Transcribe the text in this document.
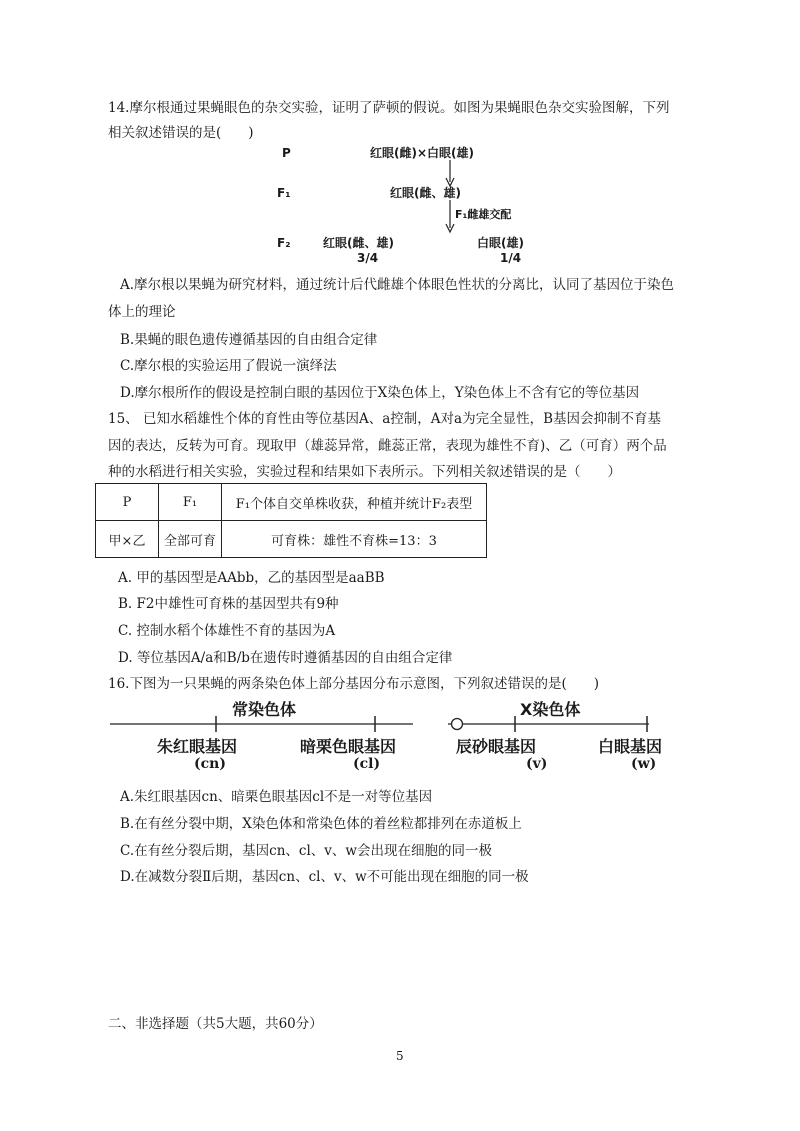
14.摩尔根通过果蝇眼色的杂交实验，证明了萨顿的假说。如图为果蝇眼色杂交实验图解，下列
相关叙述错误的是(　　)
P	红眼(雌)×白眼(雄)
F₁	红眼(雌、雄)
F₁雌雄交配
F₂	红眼(雌、雄)
3/4
白眼(雄)
1/4
A.摩尔根以果蝇为研究材料，通过统计后代雌雄个体眼色性状的分离比，认同了基因位于染色
体上的理论
B.果蝇的眼色遗传遵循基因的自由组合定律
C.摩尔根的实验运用了假说一演绎法
D.摩尔根所作的假设是控制白眼的基因位于X染色体上，Y染色体上不含有它的等位基因
15、 已知水稻雄性个体的育性由等位基因A、a控制，A对a为完全显性，B基因会抑制不育基
因的表达，反转为可育。现取甲（雄蕊异常，雌蕊正常，表现为雄性不育)、乙（可育）两个品
种的水稻进行相关实验，实验过程和结果如下表所示。下列相关叙述错误的是（　　）
P	F₁	F₁个体自交单株收获，种植并统计F₂表型
甲×乙	全部可育	可育株：雄性不育株=13：3
A. 甲的基因型是AAbb，乙的基因型是aaBB
B. F2中雄性可育株的基因型共有9种
C. 控制水稻个体雄性不育的基因为A
D. 等位基因A/a和B/b在遗传时遵循基因的自由组合定律
16.下图为一只果蝇的两条染色体上部分基因分布示意图，下列叙述错误的是(　　)
常染色体	X染色体
朱红眼基因
(cn)
暗栗色眼基因
(cl)
辰砂眼基因
(v)
白眼基因
(w)
A.朱红眼基因cn、暗栗色眼基因cl不是一对等位基因
B.在有丝分裂中期，X染色体和常染色体的着丝粒都排列在赤道板上
C.在有丝分裂后期，基因cn、cl、v、w会出现在细胞的同一极
D.在减数分裂Ⅱ后期，基因cn、cl、v、w不可能出现在细胞的同一极
二、非选择题（共5大题，共60分）
5
